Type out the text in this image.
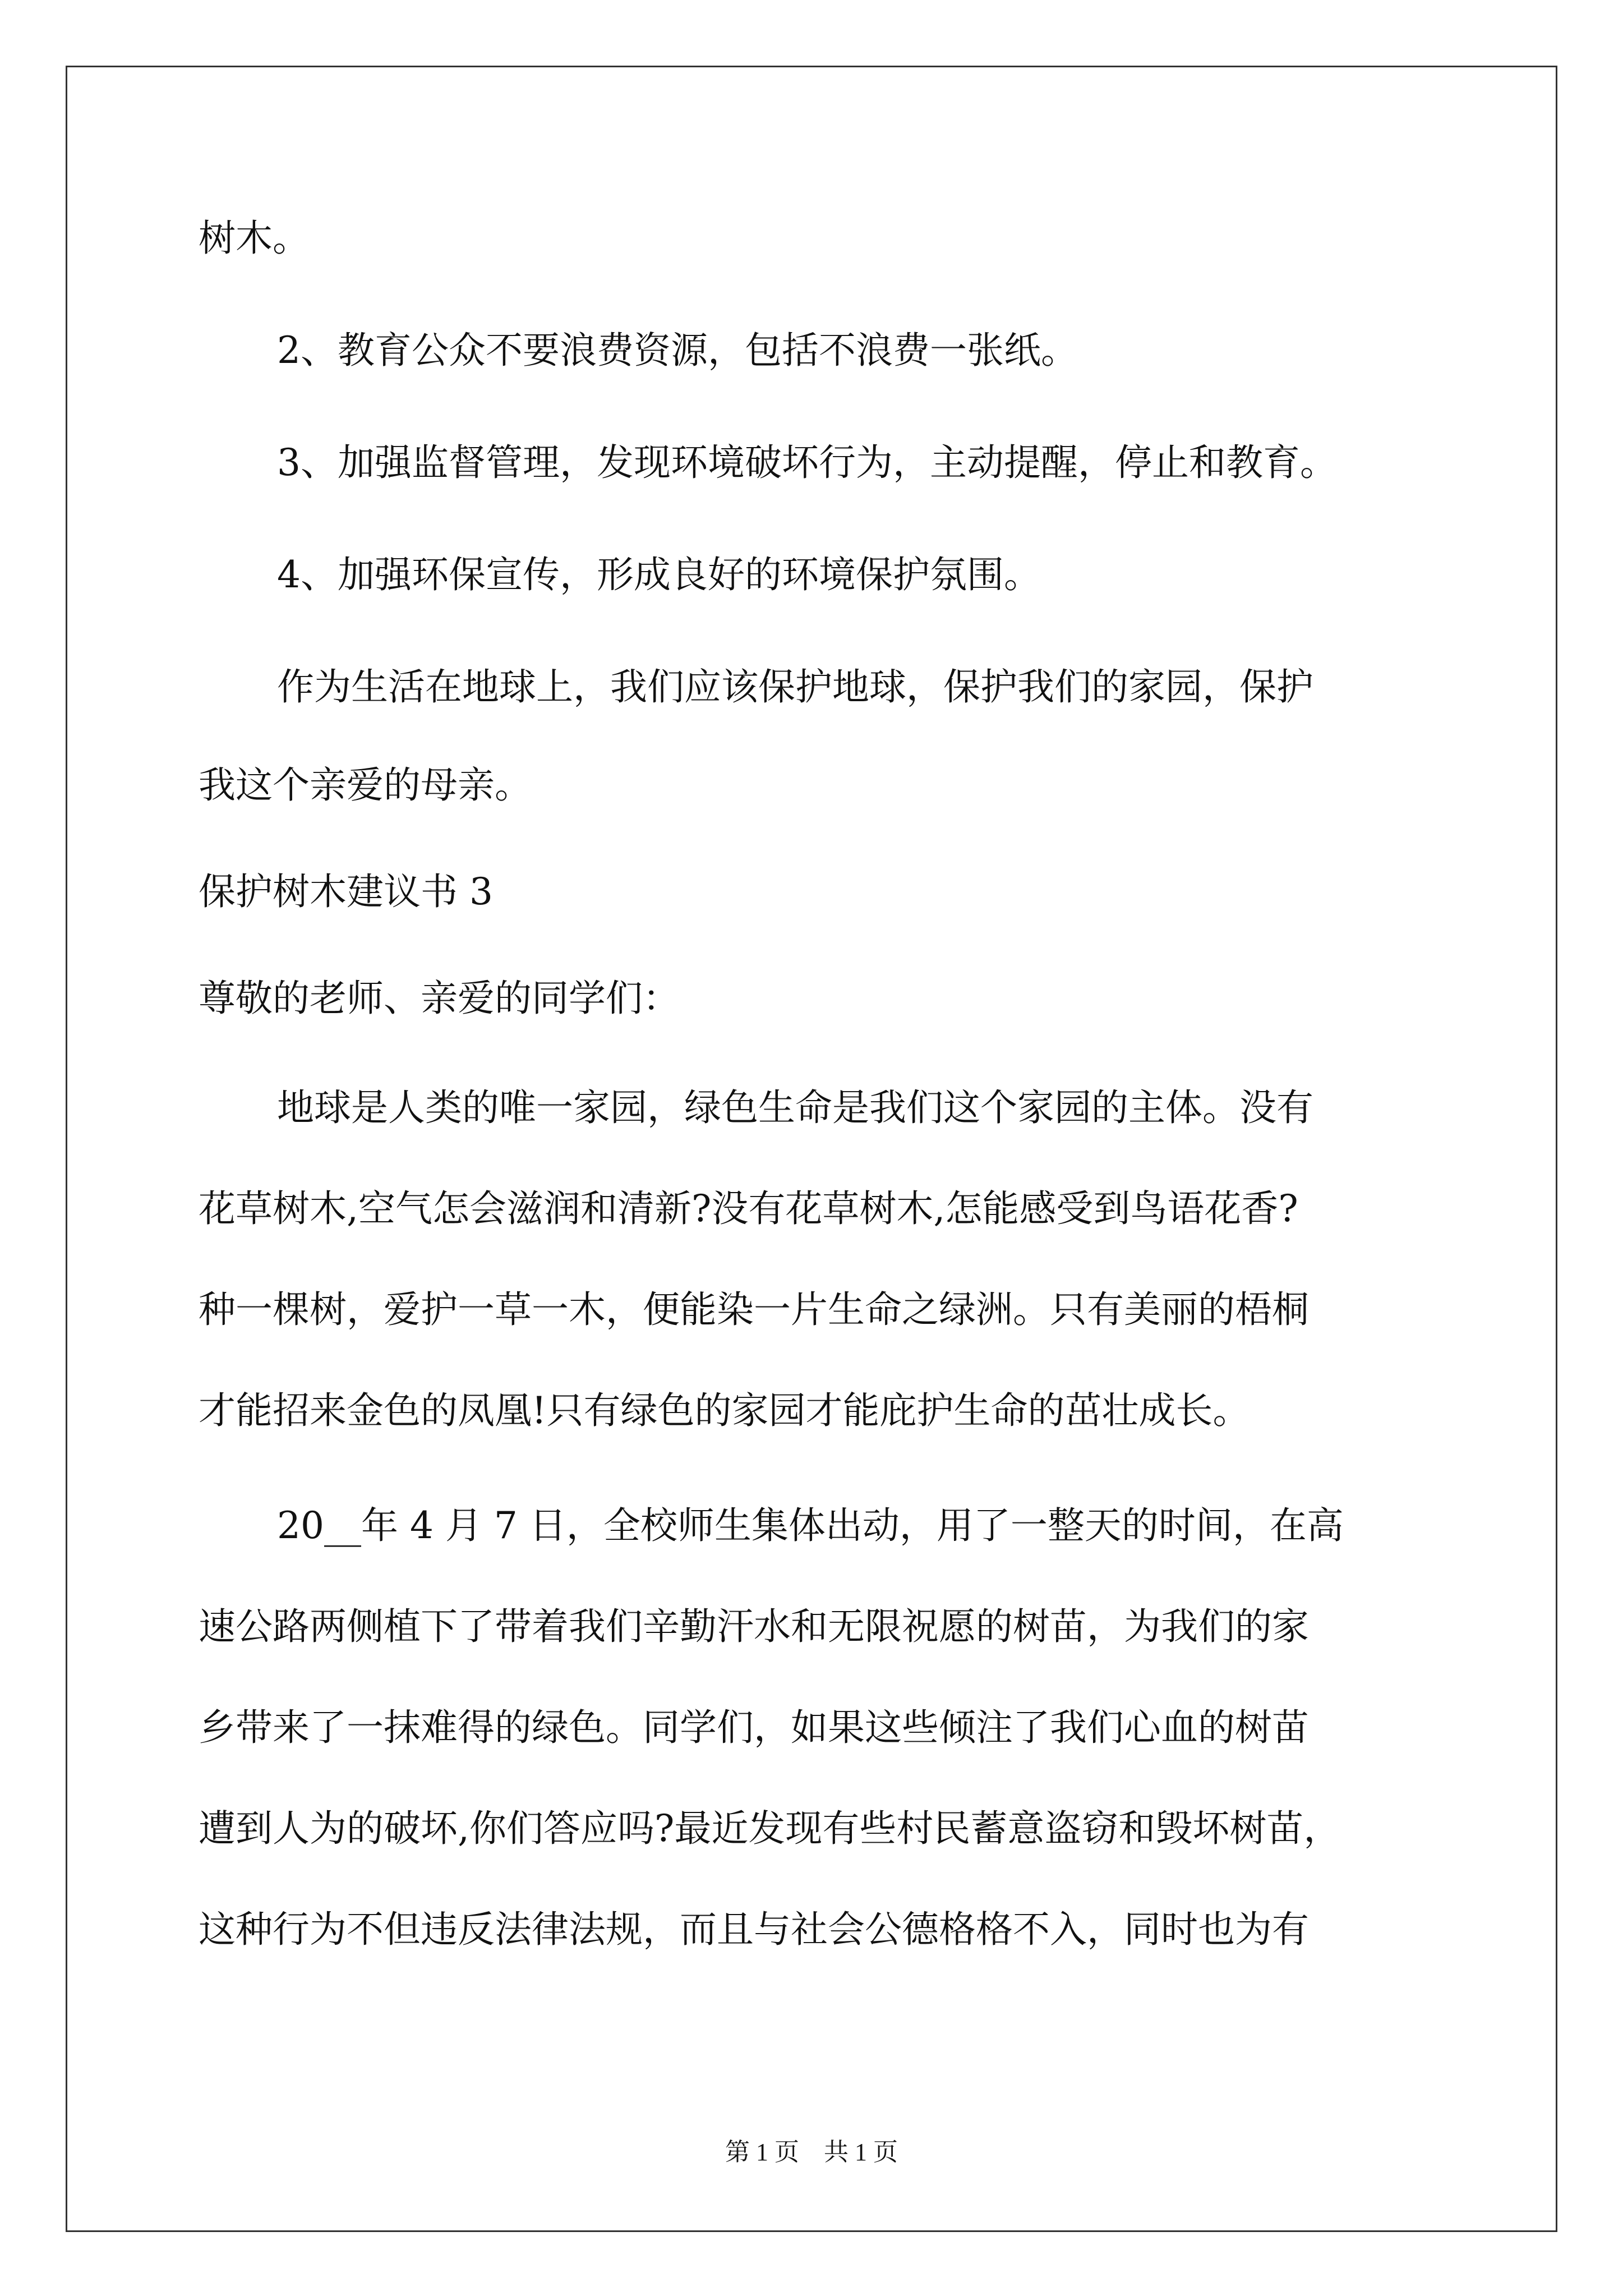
树木。

2、教育公众不要浪费资源，包括不浪费一张纸。

3、加强监督管理，发现环境破坏行为，主动提醒，停止和教育。

4、加强环保宣传，形成良好的环境保护氛围。

作为生活在地球上，我们应该保护地球，保护我们的家园，保护

我这个亲爱的母亲。

保护树木建议书 3

尊敬的老师、亲爱的同学们：

地球是人类的唯一家园，绿色生命是我们这个家园的主体。没有

花草树木,空气怎会滋润和清新?没有花草树木,怎能感受到鸟语花香?

种一棵树，爱护一草一木，便能染一片生命之绿洲。只有美丽的梧桐

才能招来金色的凤凰!只有绿色的家园才能庇护生命的茁壮成长。

20__年 4 月 7 日，全校师生集体出动，用了一整天的时间，在高

速公路两侧植下了带着我们辛勤汗水和无限祝愿的树苗，为我们的家

乡带来了一抹难得的绿色。同学们，如果这些倾注了我们心血的树苗

遭到人为的破坏,你们答应吗?最近发现有些村民蓄意盗窃和毁坏树苗，

这种行为不但违反法律法规，而且与社会公德格格不入，同时也为有

第 1 页　共 1 页
